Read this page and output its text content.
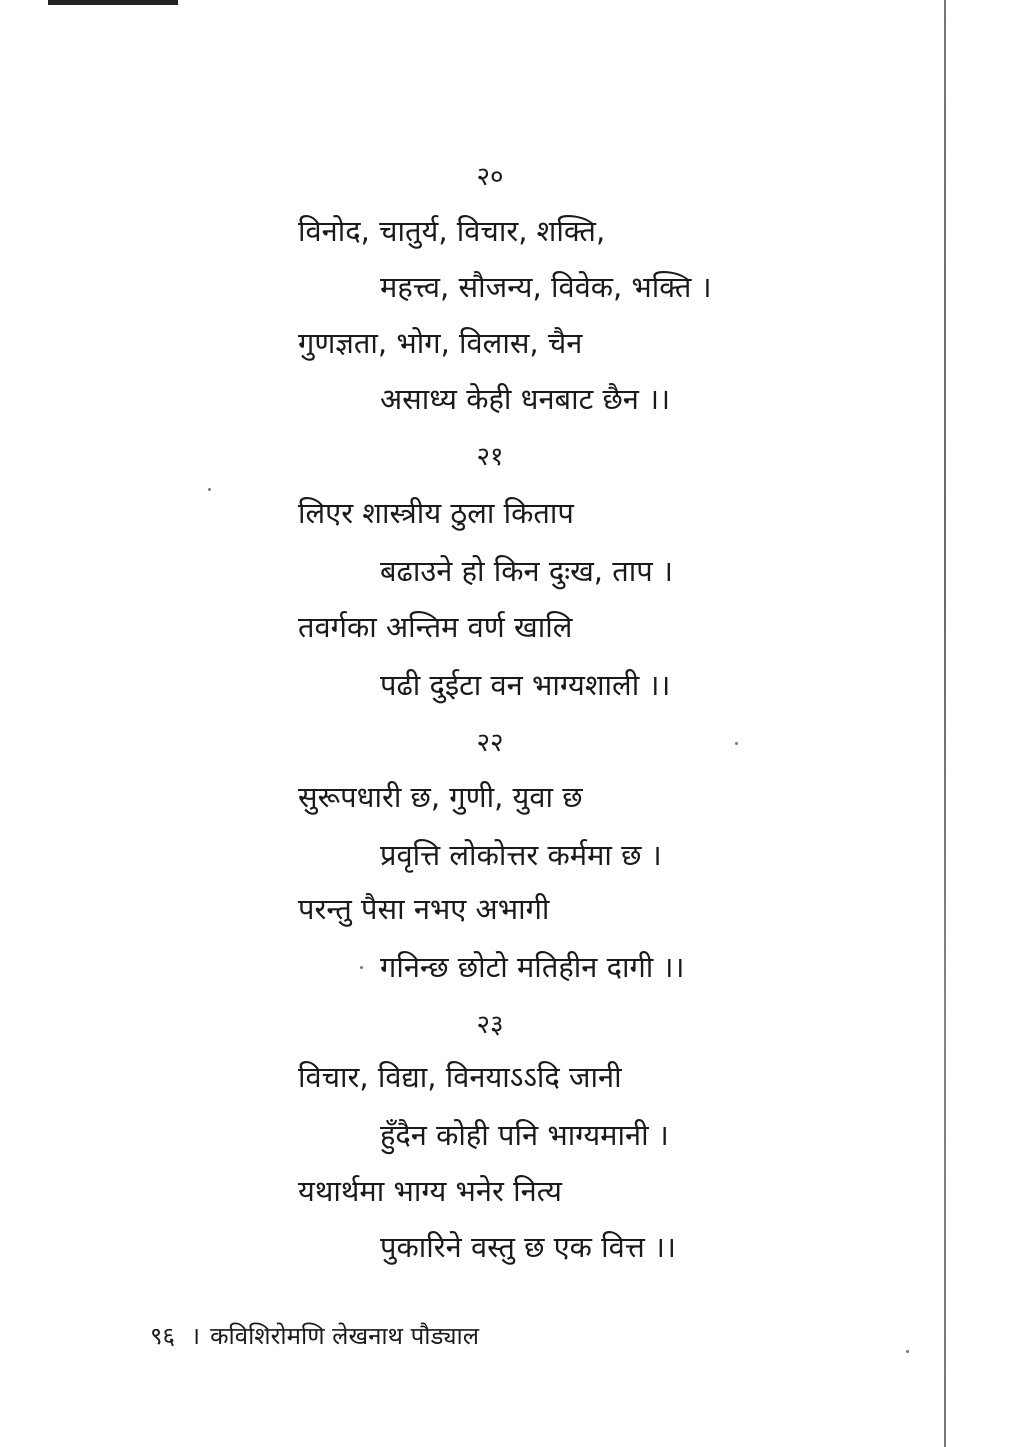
२०
विनोद, चातुर्य, विचार, शक्ति,
महत्त्व, सौजन्य, विवेक, भक्ति ।
गुणज्ञता, भोग, विलास, चैन
असाध्य केही धनबाट छैन ।।
२१
लिएर शास्त्रीय ठुला किताप
बढाउने हो किन दुःख, ताप ।
तवर्गका अन्तिम वर्ण खालि
पढी दुईटा वन भाग्यशाली ।।
२२
सुरूपधारी छ, गुणी, युवा छ
प्रवृत्ति लोकोत्तर कर्ममा छ ।
परन्तु पैसा नभए अभागी
गनिन्छ छोटो मतिहीन दागी ।।
२३
विचार, विद्या, विनयाऽऽदि जानी
हुँदैन कोही पनि भाग्यमानी ।
यथार्थमा भाग्य भनेर नित्य
पुकारिने वस्तु छ एक वित्त ।।
९६ । कविशिरोमणि लेखनाथ पौड्याल
